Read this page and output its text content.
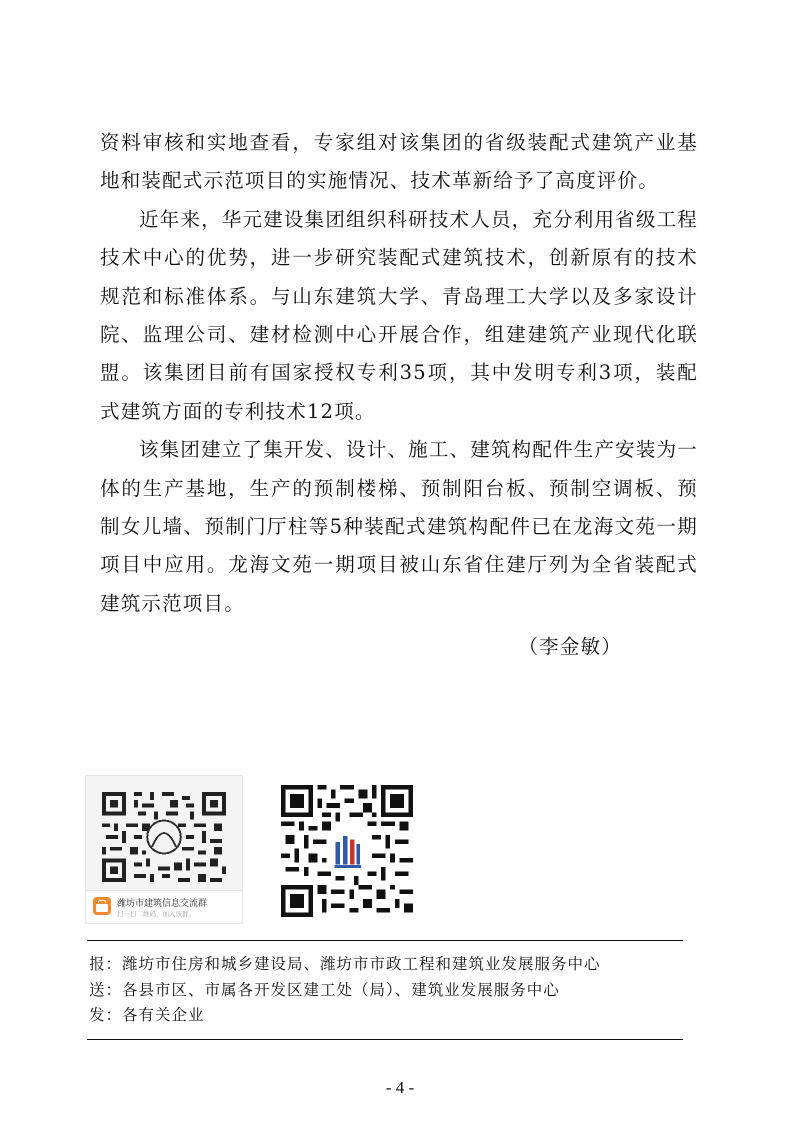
资料审核和实地查看，专家组对该集团的省级装配式建筑产业基地和装配式示范项目的实施情况、技术革新给予了高度评价。

近年来，华元建设集团组织科研技术人员，充分利用省级工程技术中心的优势，进一步研究装配式建筑技术，创新原有的技术规范和标准体系。与山东建筑大学、青岛理工大学以及多家设计院、监理公司、建材检测中心开展合作，组建建筑产业现代化联盟。该集团目前有国家授权专利35项，其中发明专利3项，装配式建筑方面的专利技术12项。

该集团建立了集开发、设计、施工、建筑构配件生产安装为一体的生产基地，生产的预制楼梯、预制阳台板、预制空调板、预制女儿墙、预制门厅柱等5种装配式建筑构配件已在龙海文苑一期项目中应用。龙海文苑一期项目被山东省住建厅列为全省装配式建筑示范项目。

（李金敏）
潍坊市建筑信息交流群
扫一扫二维码，加入该群。
报：潍坊市住房和城乡建设局、潍坊市市政工程和建筑业发展服务中心
送：各县市区、市属各开发区建工处（局）、建筑业发展服务中心
发：各有关企业
- 4 -
